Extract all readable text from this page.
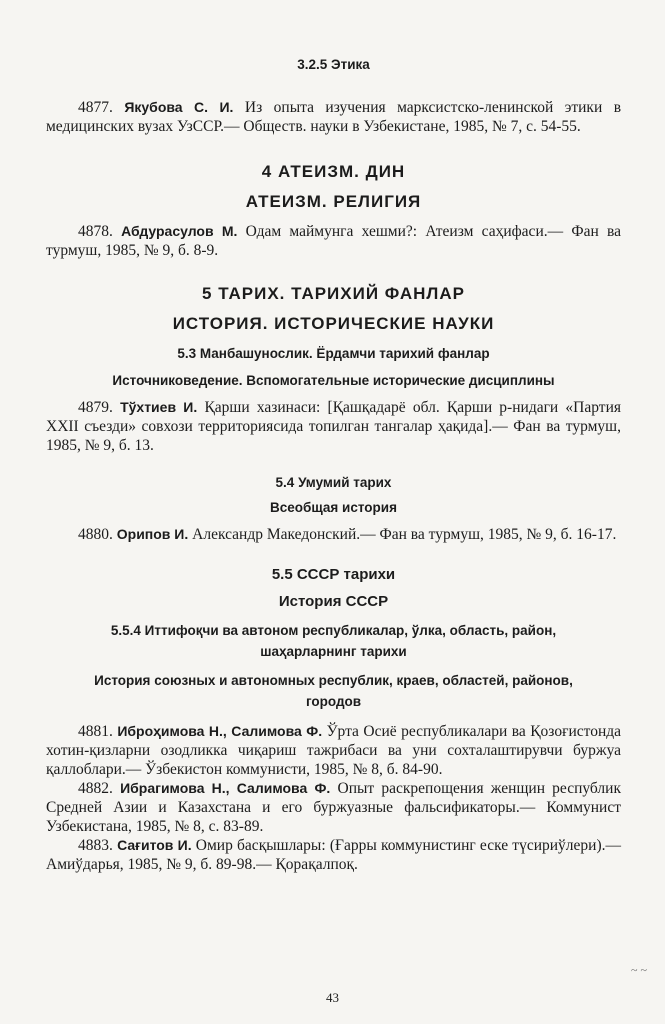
3.2.5 Этика

4877. Якубова С. И. Из опыта изучения марксистско-ленинской этики в медицинских вузах УзССР.— Обществ. науки в Узбекистане, 1985, № 7, с. 54-55.

4 АТЕИЗМ. ДИН
АТЕИЗМ. РЕЛИГИЯ

4878. Абдурасулов М. Одам маймунга хешми?: Атеизм саҳифаси.— Фан ва турмуш, 1985, № 9, б. 8-9.

5 ТАРИХ. ТАРИХИЙ ФАНЛАР
ИСТОРИЯ. ИСТОРИЧЕСКИЕ НАУКИ
5.3 Манбашунослик. Ёрдамчи тарихий фанлар
Источниковедение. Вспомогательные исторические дисциплины

4879. Тўхтиев И. Қарши хазинаси: [Қашқадарё обл. Қарши р-нидаги «Партия XXII съезди» совхози территориясида топилган тангалар ҳақида].— Фан ва турмуш, 1985, № 9, б. 13.

5.4 Умумий тарих
Всеобщая история

4880. Орипов И. Александр Македонский.— Фан ва турмуш, 1985, № 9, б. 16-17.

5.5 СССР тарихи
История СССР
5.5.4 Иттифоқчи ва автоном республикалар, ўлка, область, район, шаҳарларнинг тарихи
История союзных и автономных республик, краев, областей, районов, городов

4881. Иброҳимова Н., Салимова Ф. Ўрта Осиё республикалари ва Қозоғистонда хотин-қизларни озодликка чиқариш тажрибаси ва уни сохталаштирувчи буржуа қаллоблари.— Ўзбекистон коммунисти, 1985, № 8, б. 84-90.

4882. Ибрагимова Н., Салимова Ф. Опыт раскрепощения женщин республик Средней Азии и Казахстана и его буржуазные фальсификаторы.— Коммунист Узбекистана, 1985, № 8, с. 83-89.

4883. Сағитов И. Омир басқышлары: (Ғарры коммунистинг еске түсириўлери).— Амиўдарья, 1985, № 9, б. 89-98.— Қорақалпоқ.

~ ~
43
